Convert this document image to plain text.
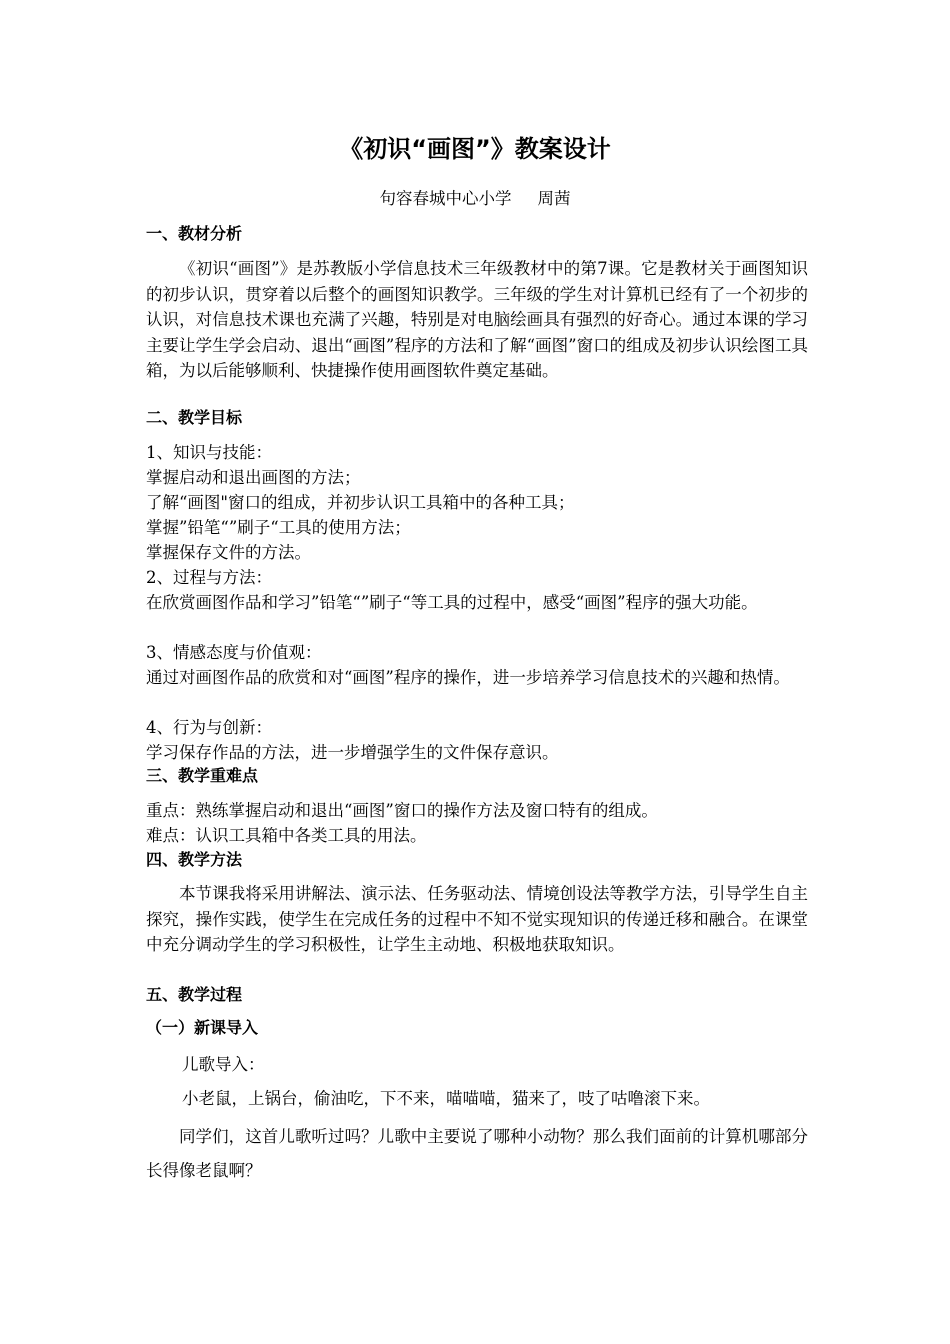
《初识“画图”》教案设计
句容春城中心小学 周茜
一、教材分析
《初识“画图”》是苏教版小学信息技术三年级教材中的第7课。它是教材关于画图知识的初步认识，贯穿着以后整个的画图知识教学。三年级的学生对计算机已经有了一个初步的认识，对信息技术课也充满了兴趣，特别是对电脑绘画具有强烈的好奇心。通过本课的学习主要让学生学会启动、退出“画图”程序的方法和了解“画图”窗口的组成及初步认识绘图工具箱，为以后能够顺利、快捷操作使用画图软件奠定基础。
二、教学目标
1、知识与技能：
掌握启动和退出画图的方法；
了解“画图"窗口的组成，并初步认识工具箱中的各种工具；
掌握”铅笔“”刷子“工具的使用方法；
掌握保存文件的方法。
2、过程与方法：
在欣赏画图作品和学习”铅笔“”刷子“等工具的过程中，感受“画图”程序的强大功能。
3、情感态度与价值观：
通过对画图作品的欣赏和对“画图”程序的操作，进一步培养学习信息技术的兴趣和热情。
4、行为与创新：
学习保存作品的方法，进一步增强学生的文件保存意识。
三、教学重难点
重点：熟练掌握启动和退出“画图”窗口的操作方法及窗口特有的组成。
难点：认识工具箱中各类工具的用法。
四、教学方法
本节课我将采用讲解法、演示法、任务驱动法、情境创设法等教学方法，引导学生自主探究，操作实践，使学生在完成任务的过程中不知不觉实现知识的传递迁移和融合。在课堂中充分调动学生的学习积极性，让学生主动地、积极地获取知识。
五、教学过程
（一）新课导入
儿歌导入：
小老鼠，上锅台，偷油吃，下不来，喵喵喵，猫来了，吱了咕噜滚下来。
同学们，这首儿歌听过吗？儿歌中主要说了哪种小动物？那么我们面前的计算机哪部分长得像老鼠啊？
